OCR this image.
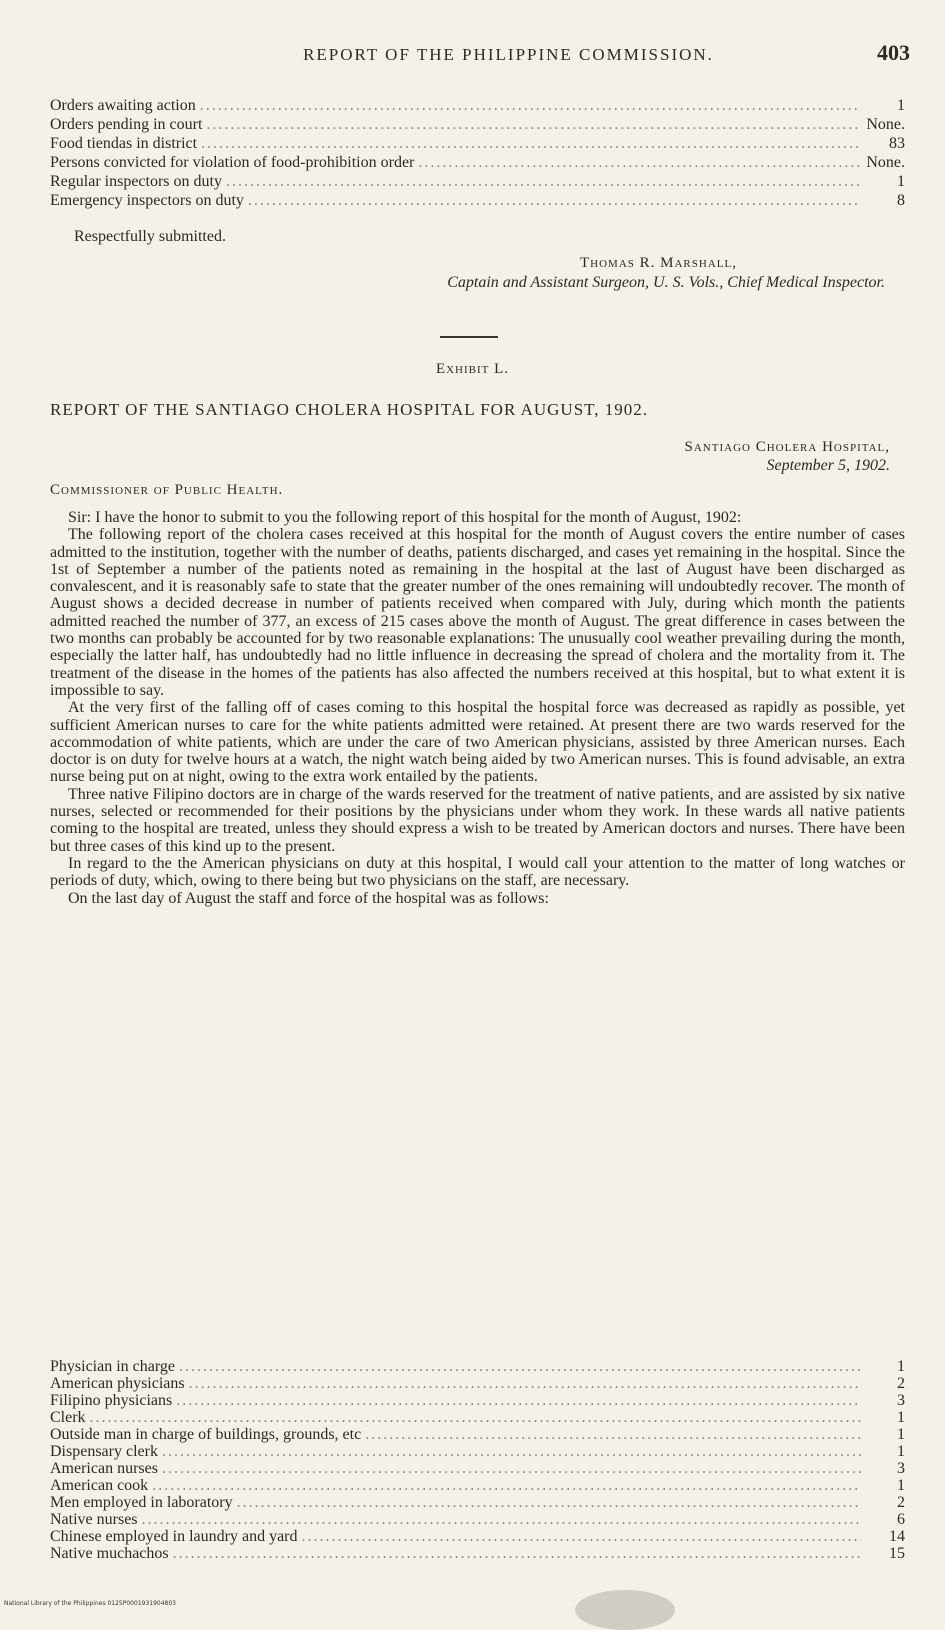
REPORT OF THE PHILIPPINE COMMISSION.	403
Orders awaiting action .....	1
Orders pending in court .....	None.
Food tiendas in district .....	83
Persons convicted for violation of food-prohibition order .....	None.
Regular inspectors on duty .....	1
Emergency inspectors on duty .....	8
Respectfully submitted.
Thomas R. Marshall,
Captain and Assistant Surgeon, U. S. Vols., Chief Medical Inspector.
Exhibit L.
REPORT OF THE SANTIAGO CHOLERA HOSPITAL FOR AUGUST, 1902.
Santiago Cholera Hospital,
September 5, 1902.
Commissioner of Public Health.

Sir: I have the honor to submit to you the following report of this hospital for the month of August, 1902:

The following report of the cholera cases received at this hospital for the month of August covers the entire number of cases admitted to the institution, together with the number of deaths, patients discharged, and cases yet remaining in the hospital. Since the 1st of September a number of the patients noted as remaining in the hospital at the last of August have been discharged as convalescent, and it is reasonably safe to state that the greater number of the ones remaining will undoubtedly recover. The month of August shows a decided decrease in number of patients received when compared with July, during which month the patients admitted reached the number of 377, an excess of 215 cases above the month of August. The great difference in cases between the two months can probably be accounted for by two reasonable explanations: The unusually cool weather prevailing during the month, especially the latter half, has undoubtedly had no little influence in decreasing the spread of cholera and the mortality from it. The treatment of the disease in the homes of the patients has also affected the numbers received at this hospital, but to what extent it is impossible to say.

At the very first of the falling off of cases coming to this hospital the hospital force was decreased as rapidly as possible, yet sufficient American nurses to care for the white patients admitted were retained. At present there are two wards reserved for the accommodation of white patients, which are under the care of two American physicians, assisted by three American nurses. Each doctor is on duty for twelve hours at a watch, the night watch being aided by two American nurses. This is found advisable, an extra nurse being put on at night, owing to the extra work entailed by the patients.

Three native Filipino doctors are in charge of the wards reserved for the treatment of native patients, and are assisted by six native nurses, selected or recommended for their positions by the physicians under whom they work. In these wards all native patients coming to the hospital are treated, unless they should express a wish to be treated by American doctors and nurses. There have been but three cases of this kind up to the present.

In regard to the the American physicians on duty at this hospital, I would call your attention to the matter of long watches or periods of duty, which, owing to there being but two physicians on the staff, are necessary.

On the last day of August the staff and force of the hospital was as follows:

Physician in charge .....	1
American physicians .....	2
Filipino physicians .....	3
Clerk .....	1
Outside man in charge of buildings, grounds, etc .....	1
Dispensary clerk .....	1
American nurses .....	3
American cook .....	1
Men employed in laboratory .....	2
Native nurses .....	6
Chinese employed in laundry and yard .....	14
Native muchachos .....	15
National Library of the Philippines 0125P0001931904803
